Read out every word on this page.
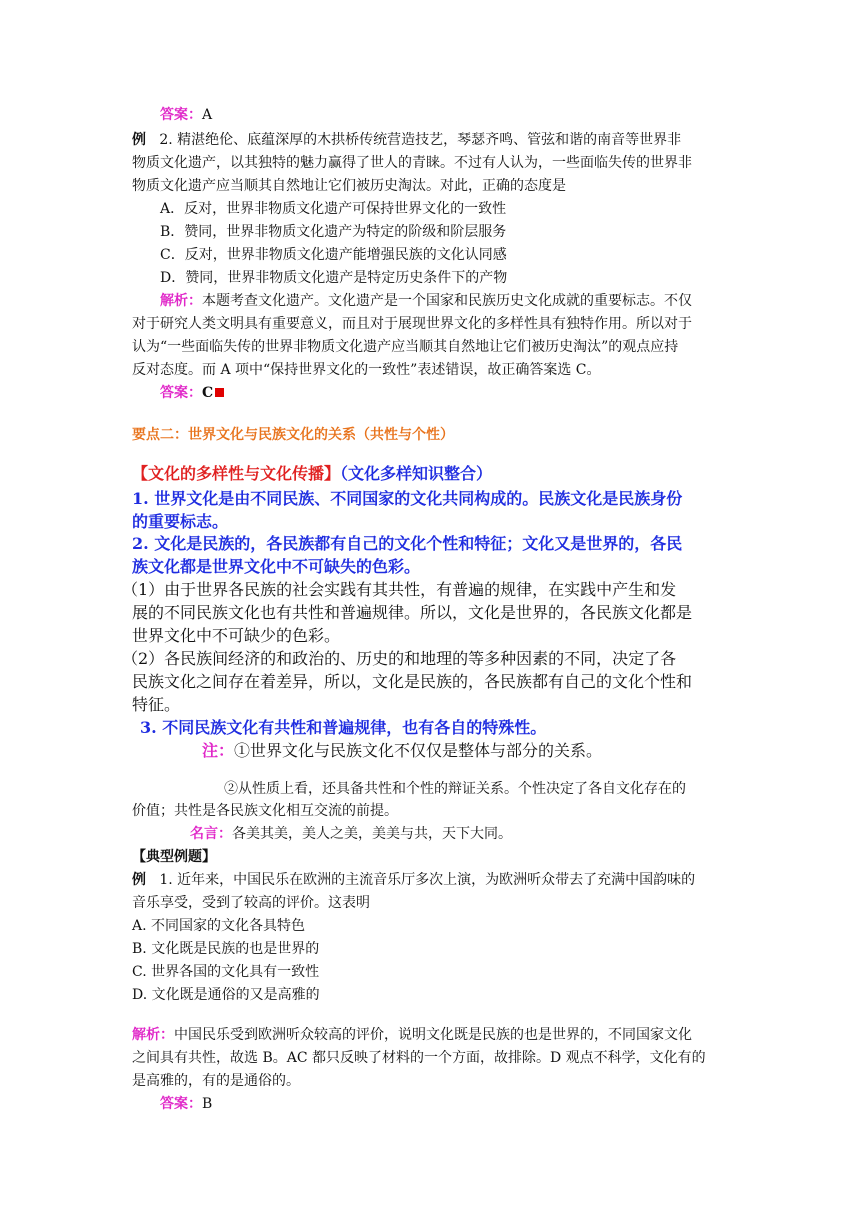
答案：A
例 2. 精湛绝伦、底蕴深厚的木拱桥传统营造技艺，琴瑟齐鸣、管弦和谐的南音等世界非
物质文化遗产，以其独特的魅力赢得了世人的青睐。不过有人认为，一些面临失传的世界非
物质文化遗产应当顺其自然地让它们被历史淘汰。对此，正确的态度是
A．反对，世界非物质文化遗产可保持世界文化的一致性
B．赞同，世界非物质文化遗产为特定的阶级和阶层服务
C．反对，世界非物质文化遗产能增强民族的文化认同感
D．赞同，世界非物质文化遗产是特定历史条件下的产物
解析：本题考查文化遗产。文化遗产是一个国家和民族历史文化成就的重要标志。不仅
对于研究人类文明具有重要意义，而且对于展现世界文化的多样性具有独特作用。所以对于
认为“一些面临失传的世界非物质文化遗产应当顺其自然地让它们被历史淘汰”的观点应持
反对态度。而 A 项中“保持世界文化的一致性”表述错误，故正确答案选 C。
答案：C
要点二：世界文化与民族文化的关系（共性与个性）
【文化的多样性与文化传播】（文化多样知识整合）
1. 世界文化是由不同民族、不同国家的文化共同构成的。民族文化是民族身份
的重要标志。
2. 文化是民族的，各民族都有自己的文化个性和特征；文化又是世界的，各民
族文化都是世界文化中不可缺失的色彩。
（1）由于世界各民族的社会实践有其共性，有普遍的规律，在实践中产生和发
展的不同民族文化也有共性和普遍规律。所以，文化是世界的，各民族文化都是
世界文化中不可缺少的色彩。
（2）各民族间经济的和政治的、历史的和地理的等多种因素的不同，决定了各
民族文化之间存在着差异，所以，文化是民族的，各民族都有自己的文化个性和
特征。
3. 不同民族文化有共性和普遍规律，也有各自的特殊性。
注：①世界文化与民族文化不仅仅是整体与部分的关系。
②从性质上看，还具备共性和个性的辩证关系。个性决定了各自文化存在的
价值；共性是各民族文化相互交流的前提。
名言：各美其美，美人之美，美美与共，天下大同。
【典型例题】
例 1. 近年来，中国民乐在欧洲的主流音乐厅多次上演，为欧洲听众带去了充满中国韵味的
音乐享受，受到了较高的评价。这表明
A. 不同国家的文化各具特色
B. 文化既是民族的也是世界的
C. 世界各国的文化具有一致性
D. 文化既是通俗的又是高雅的
解析：中国民乐受到欧洲听众较高的评价，说明文化既是民族的也是世界的，不同国家文化
之间具有共性，故选 B。AC 都只反映了材料的一个方面，故排除。D 观点不科学，文化有的
是高雅的，有的是通俗的。
答案：B
